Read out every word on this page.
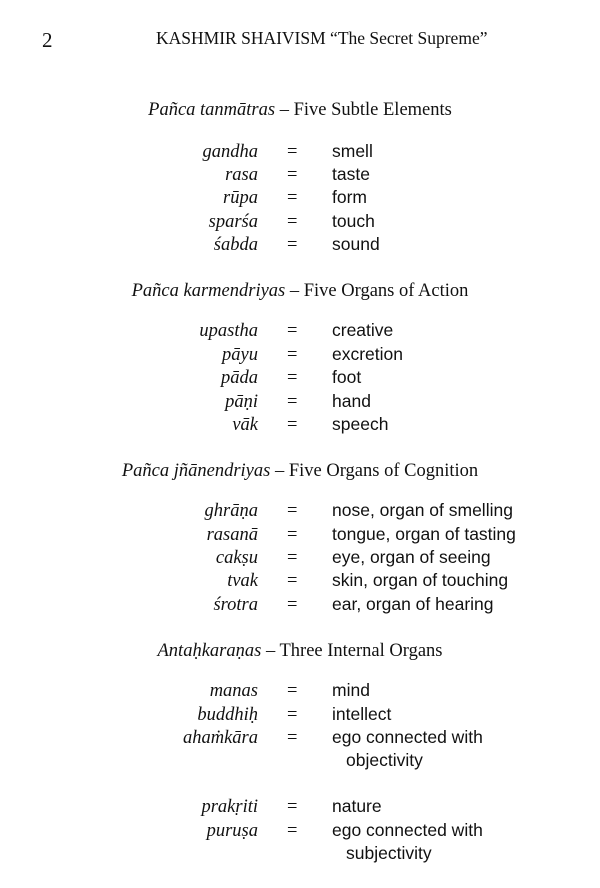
2	KASHMIR SHAIVISM “The Secret Supreme”
Pañca tanmātras – Five Subtle Elements
gandha = smell
rasa = taste
rūpa = form
sparśa = touch
śabda = sound
Pañca karmendriyas – Five Organs of Action
upastha = creative
pāyu = excretion
pāda = foot
pāṇi = hand
vāk = speech
Pañca jñānendriyas – Five Organs of Cognition
ghrāṇa = nose, organ of smelling
rasanā = tongue, organ of tasting
cakṣu = eye, organ of seeing
tvak = skin, organ of touching
śrotra = ear, organ of hearing
Antaḥkaraṇas – Three Internal Organs
manas = mind
buddhiḥ = intellect
ahaṁkāra = ego connected with
objectivity
prakṛiti = nature
puruṣa = ego connected with
subjectivity
